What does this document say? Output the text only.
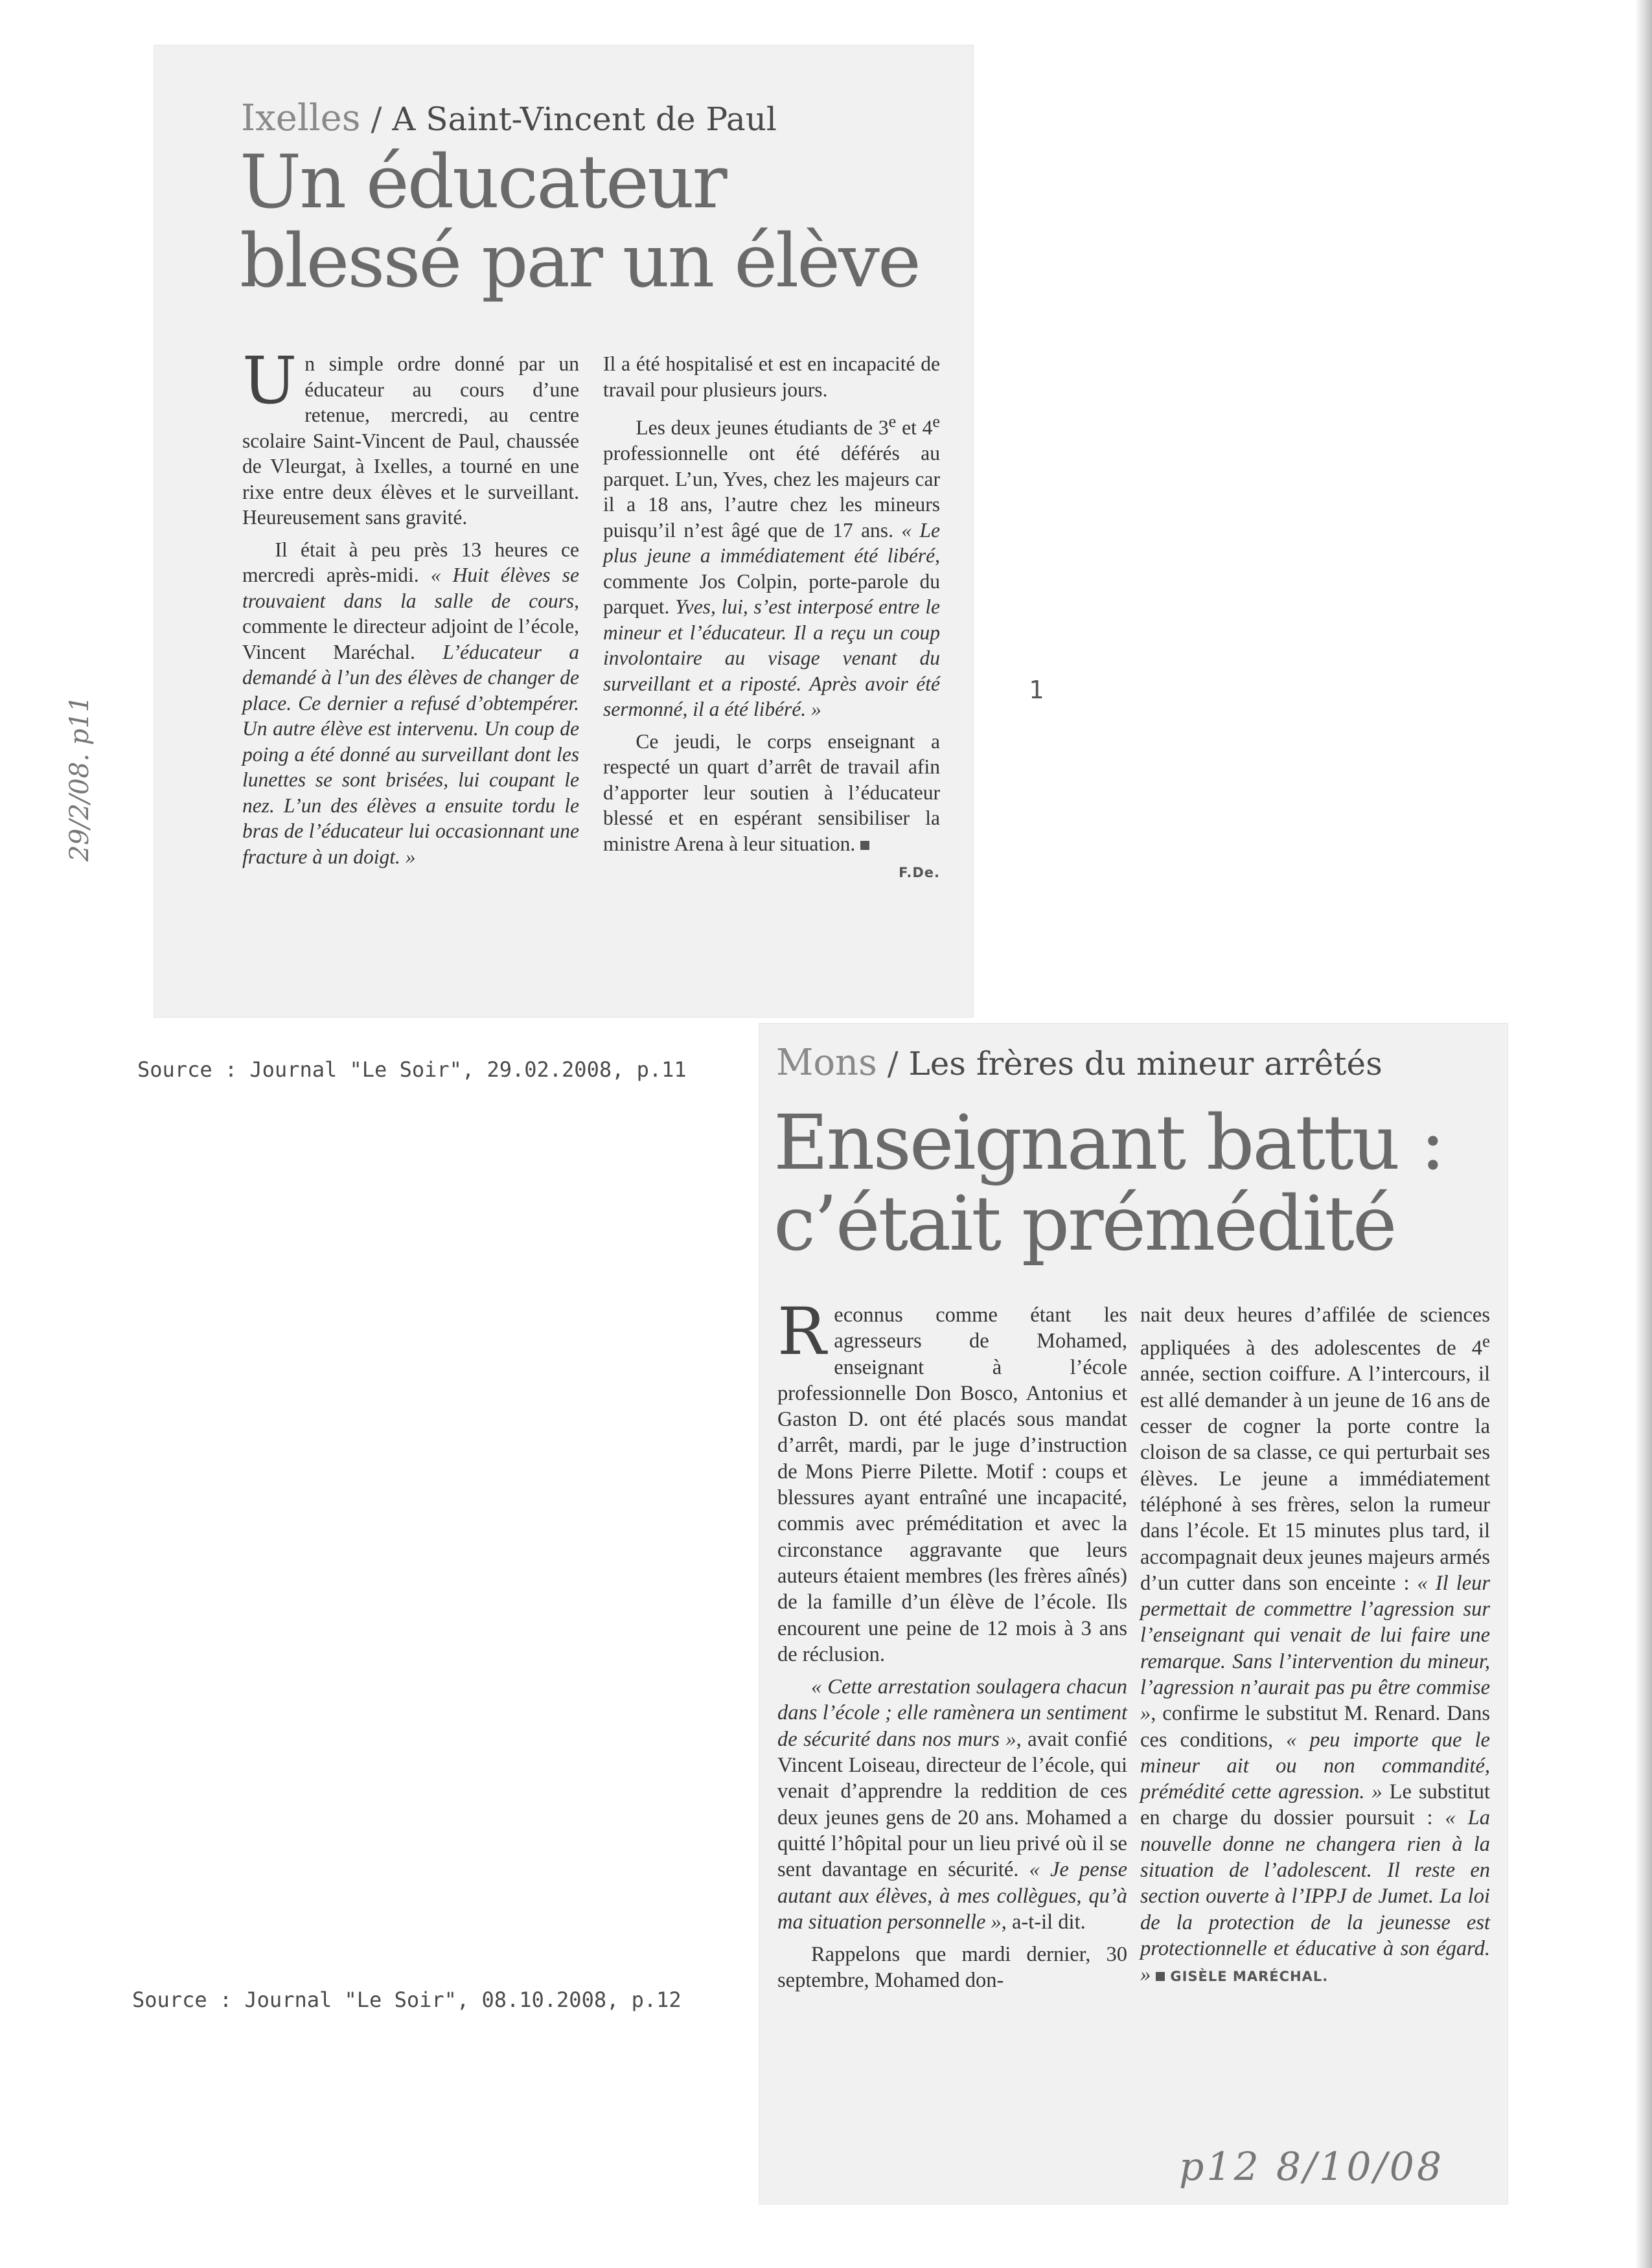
Ixelles / A Saint-Vincent de Paul
Un éducateur blessé par un élève

Un simple ordre donné par un éducateur au cours d’une retenue, mercredi, au centre scolaire Saint-Vincent de Paul, chaussée de Vleurgat, à Ixelles, a tourné en une rixe entre deux élèves et le surveillant. Heureusement sans gravité.

Il était à peu près 13 heures ce mercredi après-midi. « Huit élèves se trouvaient dans la salle de cours, commente le directeur adjoint de l’école, Vincent Maréchal. L’éducateur a demandé à l’un des élèves de changer de place. Ce dernier a refusé d’obtempérer. Un autre élève est intervenu. Un coup de poing a été donné au surveillant dont les lunettes se sont brisées, lui coupant le nez. L’un des élèves a ensuite tordu le bras de l’éducateur lui occasionnant une fracture à un doigt. »

Il a été hospitalisé et est en incapacité de travail pour plusieurs jours.

Les deux jeunes étudiants de 3e et 4e professionnelle ont été déférés au parquet. L’un, Yves, chez les majeurs car il a 18 ans, l’autre chez les mineurs puisqu’il n’est âgé que de 17 ans. « Le plus jeune a immédiatement été libéré, commente Jos Colpin, porte-parole du parquet. Yves, lui, s’est interposé entre le mineur et l’éducateur. Il a reçu un coup involontaire au visage venant du surveillant et a riposté. Après avoir été sermonné, il a été libéré. »

Ce jeudi, le corps enseignant a respecté un quart d’arrêt de travail afin d’apporter leur soutien à l’éducateur blessé et en espérant sensibiliser la ministre Arena à leur situation.
F.De.

Mons / Les frères du mineur arrêtés
Enseignant battu :
c’était prémédité

Reconnus comme étant les agresseurs de Mohamed, enseignant à l’école professionnelle Don Bosco, Antonius et Gaston D. ont été placés sous mandat d’arrêt, mardi, par le juge d’instruction de Mons Pierre Pilette. Motif : coups et blessures ayant entraîné une incapacité, commis avec préméditation et avec la circonstance aggravante que leurs auteurs étaient membres (les frères aînés) de la famille d’un élève de l’école. Ils encourent une peine de 12 mois à 3 ans de réclusion.

« Cette arrestation soulagera chacun dans l’école ; elle ramènera un sentiment de sécurité dans nos murs », avait confié Vincent Loiseau, directeur de l’école, qui venait d’apprendre la reddition de ces deux jeunes gens de 20 ans. Mohamed a quitté l’hôpital pour un lieu privé où il se sent davantage en sécurité. « Je pense autant aux élèves, à mes collègues, qu’à ma situation personnelle », a-t-il dit.

Rappelons que mardi dernier, 30 septembre, Mohamed don-

nait deux heures d’affilée de sciences appliquées à des adolescentes de 4e année, section coiffure. A l’intercours, il est allé demander à un jeune de 16 ans de cesser de cogner la porte contre la cloison de sa classe, ce qui perturbait ses élèves. Le jeune a immédiatement téléphoné à ses frères, selon la rumeur dans l’école. Et 15 minutes plus tard, il accompagnait deux jeunes majeurs armés d’un cutter dans son enceinte : « Il leur permettait de commettre l’agression sur l’enseignant qui venait de lui faire une remarque. Sans l’intervention du mineur, l’agression n’aurait pas pu être commise », confirme le substitut M. Renard. Dans ces conditions, « peu importe que le mineur ait ou non commandité, prémédité cette agression. » Le substitut en charge du dossier poursuit : « La nouvelle donne ne changera rien à la situation de l’adolescent. Il reste en section ouverte à l’IPPJ de Jumet. La loi de la protection de la jeunesse est protectionnelle et éducative à son égard. » GISÈLE MARÉCHAL.

Source : Journal "Le Soir", 29.02.2008, p.11
Source : Journal "Le Soir", 08.10.2008, p.12
29/2/08. p11
p12 8/10/08
1
